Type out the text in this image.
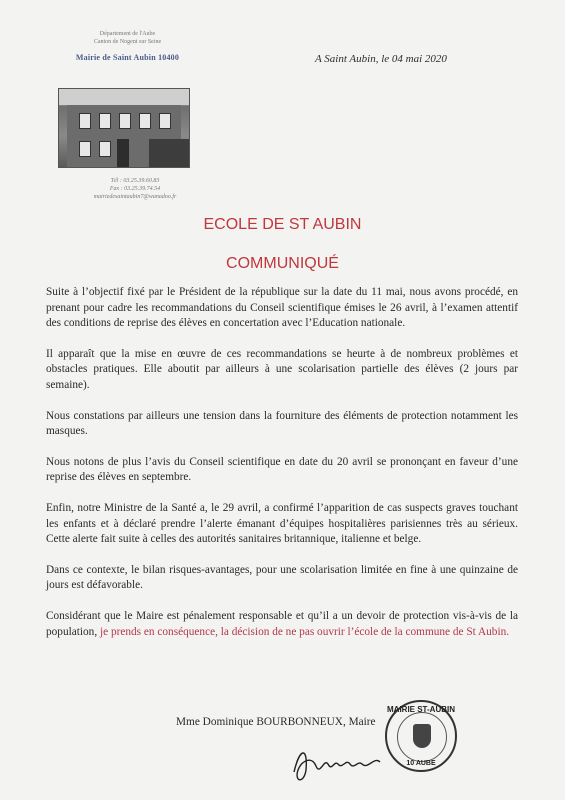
Département de l'Aube
Canton de Nogent sur Seine
Mairie de Saint Aubin 10400
Tél : 03.25.39.60.83
Fax : 03.25.39.74.54
mairiedesaintaubin7@wanadoo.fr
A Saint Aubin, le 04 mai 2020
ECOLE DE ST AUBIN
COMMUNIQUÉ

Suite à l’objectif fixé par le Président de la république sur la date du 11 mai, nous avons procédé, en prenant pour cadre les recommandations du Conseil scientifique émises le 26 avril, à l’examen attentif des conditions de reprise des élèves en concertation avec l’Education nationale.

Il apparaît que la mise en œuvre de ces recommandations se heurte à de nombreux problèmes et obstacles pratiques. Elle aboutit par ailleurs à une scolarisation partielle des élèves (2 jours par semaine).

Nous constations par ailleurs une tension dans la fourniture des éléments de protection notamment les masques.

Nous notons de plus l’avis du Conseil scientifique en date du 20 avril se prononçant en faveur d’une reprise des élèves en septembre.

Enfin, notre Ministre de la Santé a, le 29 avril, a confirmé l’apparition de cas suspects graves touchant les enfants et à déclaré prendre l’alerte émanant d’équipes hospitalières parisiennes très au sérieux. Cette alerte fait suite à celles des autorités sanitaires britannique, italienne et belge.

Dans ce contexte, le bilan risques-avantages, pour une scolarisation limitée en fine à une quinzaine de jours est défavorable.

Considérant que le Maire est pénalement responsable et qu’il a un devoir de protection vis-à-vis de la population, je prends en conséquence, la décision de ne pas ouvrir l’école de la commune de St Aubin.

Mme Dominique BOURBONNEUX, Maire
MAIRIE ST-AUBIN
10 AUBE
